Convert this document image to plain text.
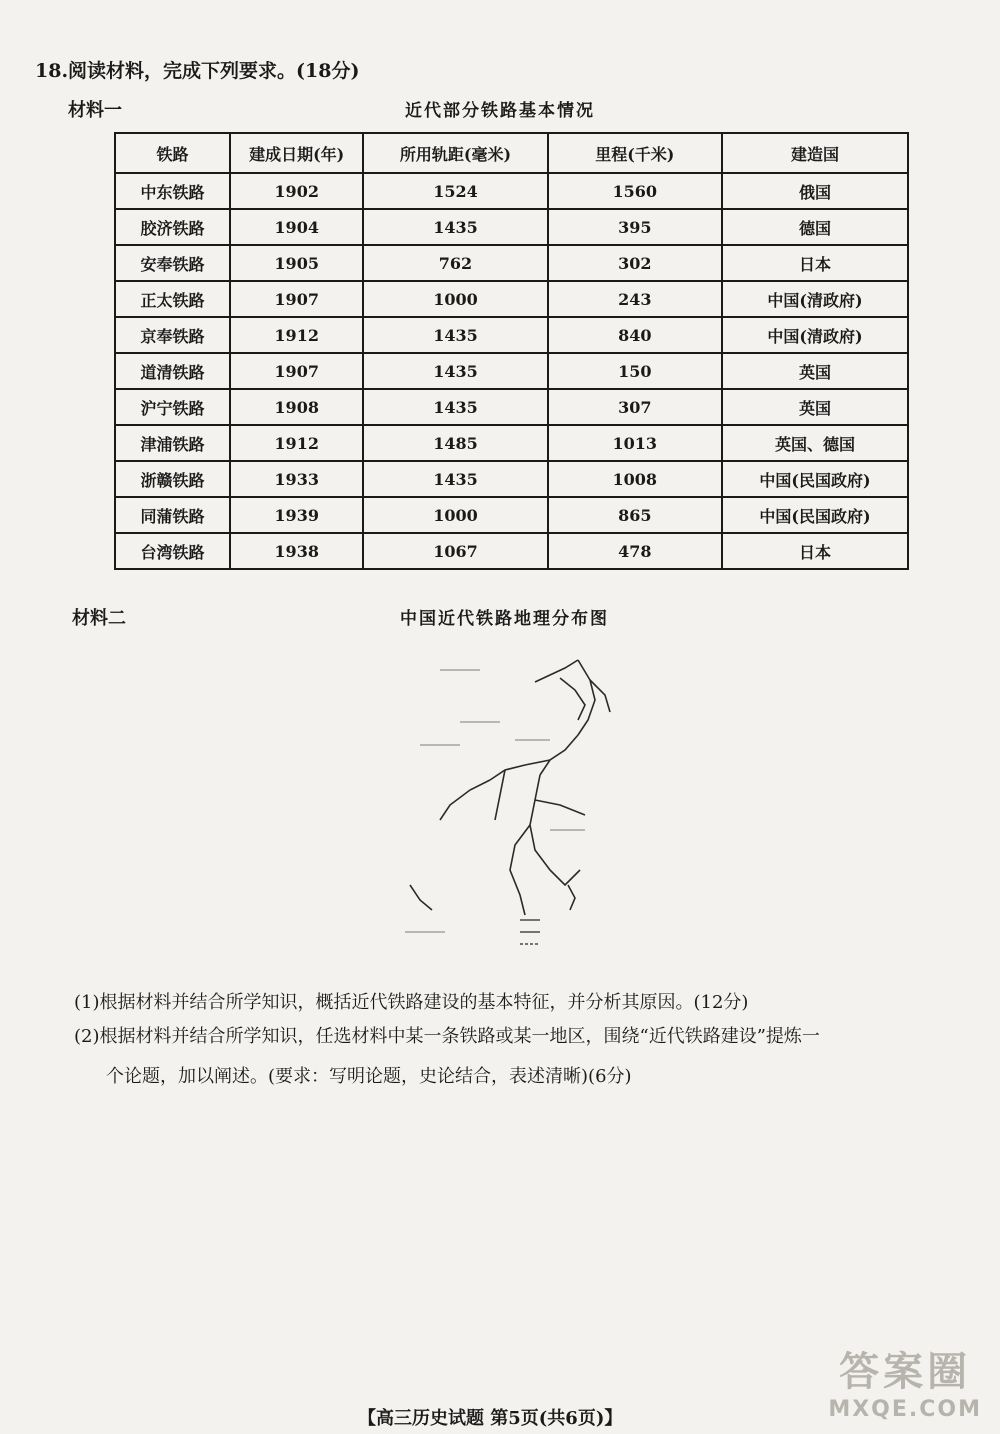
18.阅读材料，完成下列要求。(18分)
材料一	近代部分铁路基本情况
铁路	建成日期(年)	所用轨距(毫米)	里程(千米)	建造国
中东铁路	1902	1524	1560	俄国
胶济铁路	1904	1435	395	德国
安奉铁路	1905	762	302	日本
正太铁路	1907	1000	243	中国(清政府)
京奉铁路	1912	1435	840	中国(清政府)
道清铁路	1907	1435	150	英国
沪宁铁路	1908	1435	307	英国
津浦铁路	1912	1485	1013	英国、德国
浙赣铁路	1933	1435	1008	中国(民国政府)
同蒲铁路	1939	1000	865	中国(民国政府)
台湾铁路	1938	1067	478	日本
材料二	中国近代铁路地理分布图
(1)根据材料并结合所学知识，概括近代铁路建设的基本特征，并分析其原因。(12分)
(2)根据材料并结合所学知识，任选材料中某一条铁路或某一地区，围绕“近代铁路建设”提炼一
个论题，加以阐述。(要求：写明论题，史论结合，表述清晰)(6分)
【高三历史试题 第5页(共6页)】
答案圈
MXQE.COM
